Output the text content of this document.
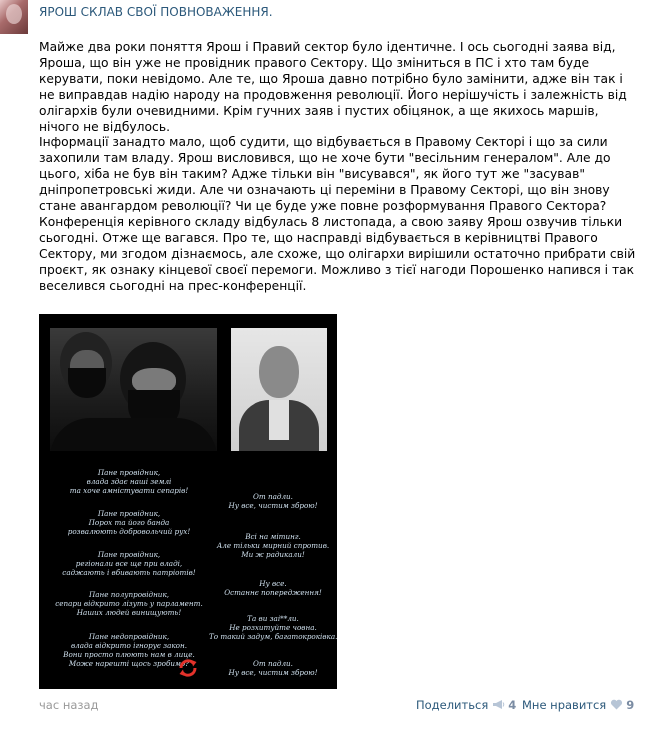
ЯРОШ СКЛАВ СВОЇ ПОВНОВАЖЕННЯ.

Майже два роки поняття Ярош і Правий сектор було ідентичне. І ось сьогодні заява від, Яроша, що він уже не провідник правого Сектору. Що зміниться в ПС і хто там буде керувати, поки невідомо. Але те, що Яроша давно потрібно було замінити, адже він так і не виправдав надію народу на продовження революції. Його нерішучість і залежність від олігархів були очевидними. Крім гучних заяв і пустих обіцянок, а ще якихось маршів, нічого не відбулось.

Інформації занадто мало, щоб судити, що відбувається в Правому Секторі і що за сили захопили там владу. Ярош висловився, що не хоче бути "весільним генералом". Але до цього, хіба не був він таким? Адже тільки він "висувався", як його тут же "засував" дніпропетровські жиди. Але чи означають ці переміни в Правому Секторі, що він знову стане авангардом революції? Чи це буде уже повне розформування Правого Сектора? Конференція керівного складу відбулась 8 листопада, а свою заяву Ярош озвучив тільки сьогодні. Отже ще вагався. Про те, що насправді відбувається в керівництві Правого Сектору, ми згодом дізнаємось, але схоже, що олігархи вирішили остаточно прибрати свій проєкт, як ознаку кінцевої своєї перемоги. Можливо з тієї нагоди Порошенко напився і так веселився сьогодні на прес-конференції.

Пане провідник,
влада здає наші землі
та хоче амністувати сепарів!
Пане провідник,
Порох та його банда
розвалюють добровольчий рух!
Пане провідник,
регіонали все ще при владі,
саджають і вбивають патріотів!
Пане полупровідник,
сепари відкрито лізуть у парламент.
Наших людей винищують!
Пане недопровідник,
влада відкрито ігнорує закон.
Вони просто плюють нам в лице.
Може нарешті щось зробимо?
От падли.
Ну все, чистим зброю!
Всі на мітинг.
Але тільки мирний спротив.
Ми ж радикали!
Ну все.
Останнє попередження!
Та ви заі**ли.
Не розхитуйте човна.
То такий задум, багатокроківка.
От падли.
Ну все, чистим зброю!
час назад	Поделиться 4 Мне нравится 9
